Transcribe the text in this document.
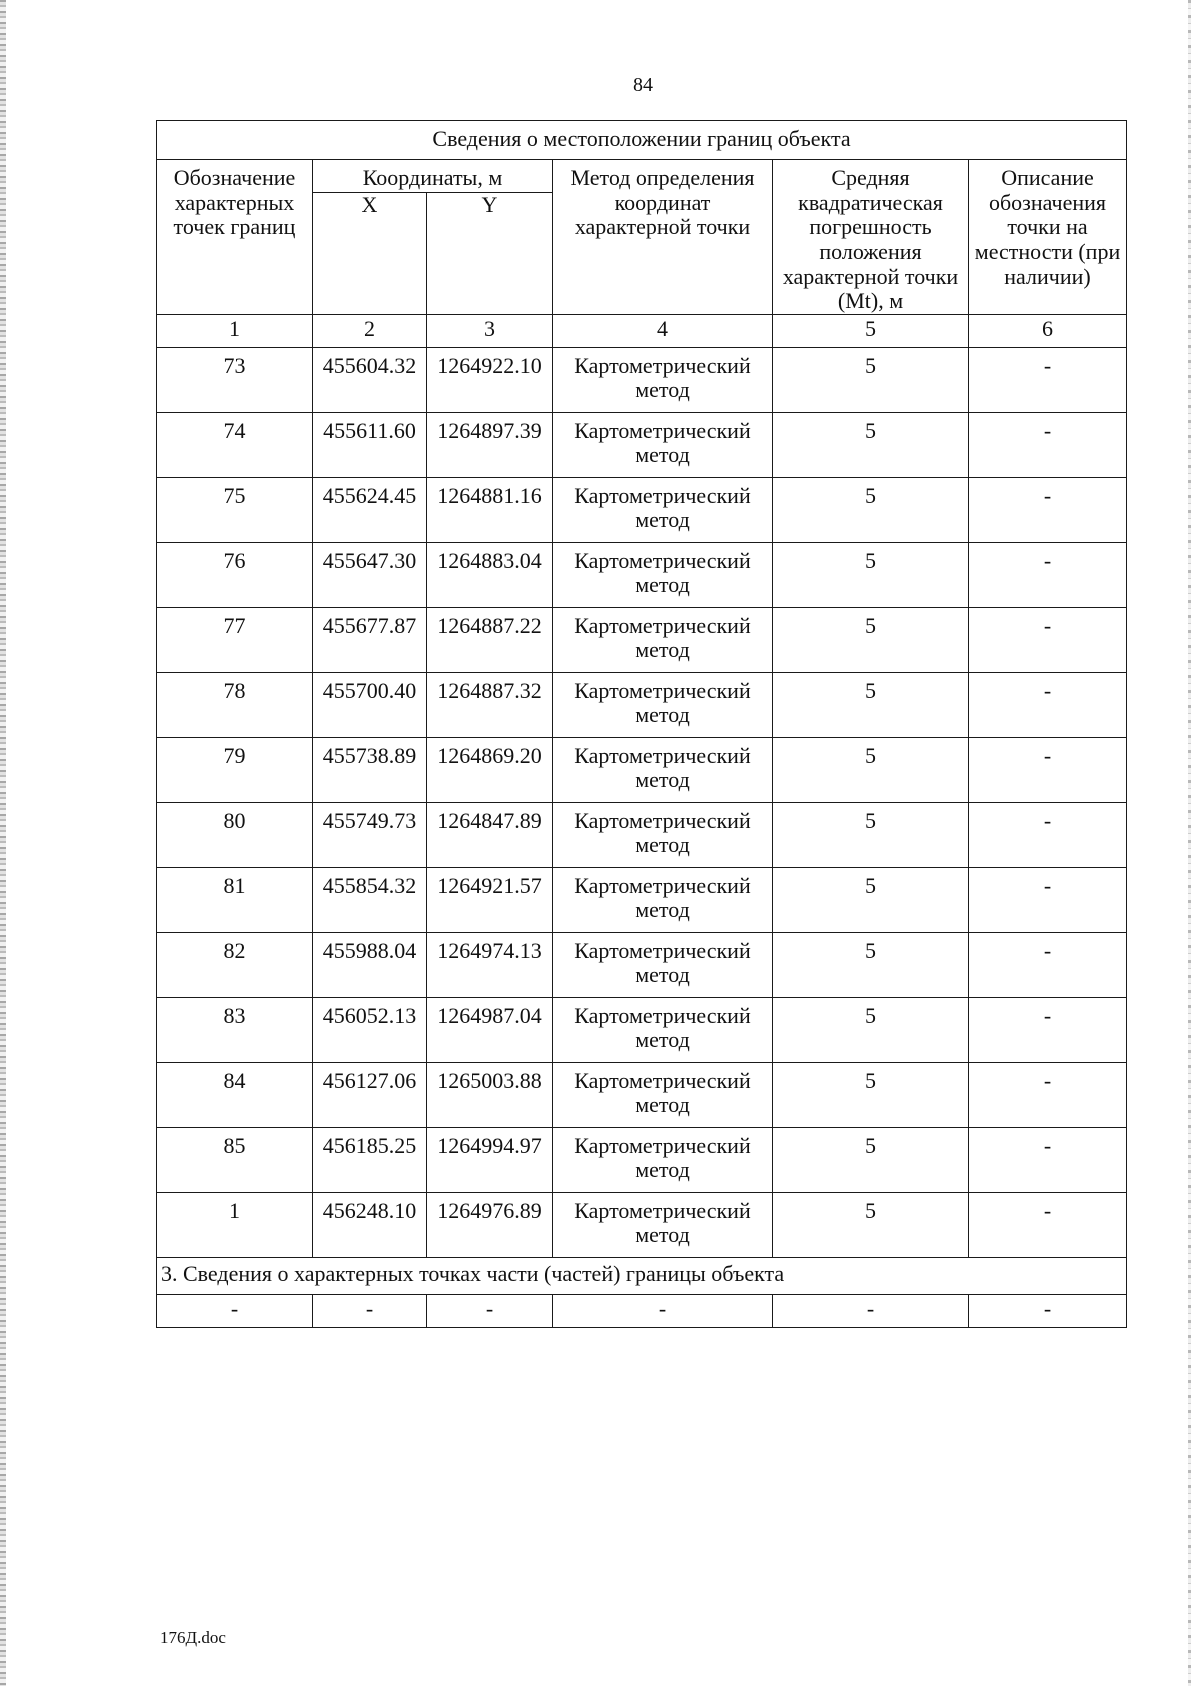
84
Сведения о местоположении границ объекта					
Обозначение характерных точек границ	Координаты, м		Метод определения координат характерной точки	Средняя квадратическая погрешность положения характерной точки (Mt), м	Описание обозначения точки на местности (при наличии)
	X	Y			
1	2	3	4	5	6
73	455604.32	1264922.10	Картометрический метод	5	-
74	455611.60	1264897.39	Картометрический метод	5	-
75	455624.45	1264881.16	Картометрический метод	5	-
76	455647.30	1264883.04	Картометрический метод	5	-
77	455677.87	1264887.22	Картометрический метод	5	-
78	455700.40	1264887.32	Картометрический метод	5	-
79	455738.89	1264869.20	Картометрический метод	5	-
80	455749.73	1264847.89	Картометрический метод	5	-
81	455854.32	1264921.57	Картометрический метод	5	-
82	455988.04	1264974.13	Картометрический метод	5	-
83	456052.13	1264987.04	Картометрический метод	5	-
84	456127.06	1265003.88	Картометрический метод	5	-
85	456185.25	1264994.97	Картометрический метод	5	-
1	456248.10	1264976.89	Картометрический метод	5	-
3. Сведения о характерных точках части (частей) границы объекта					
-	-	-	-	-	-
176Д.doc
